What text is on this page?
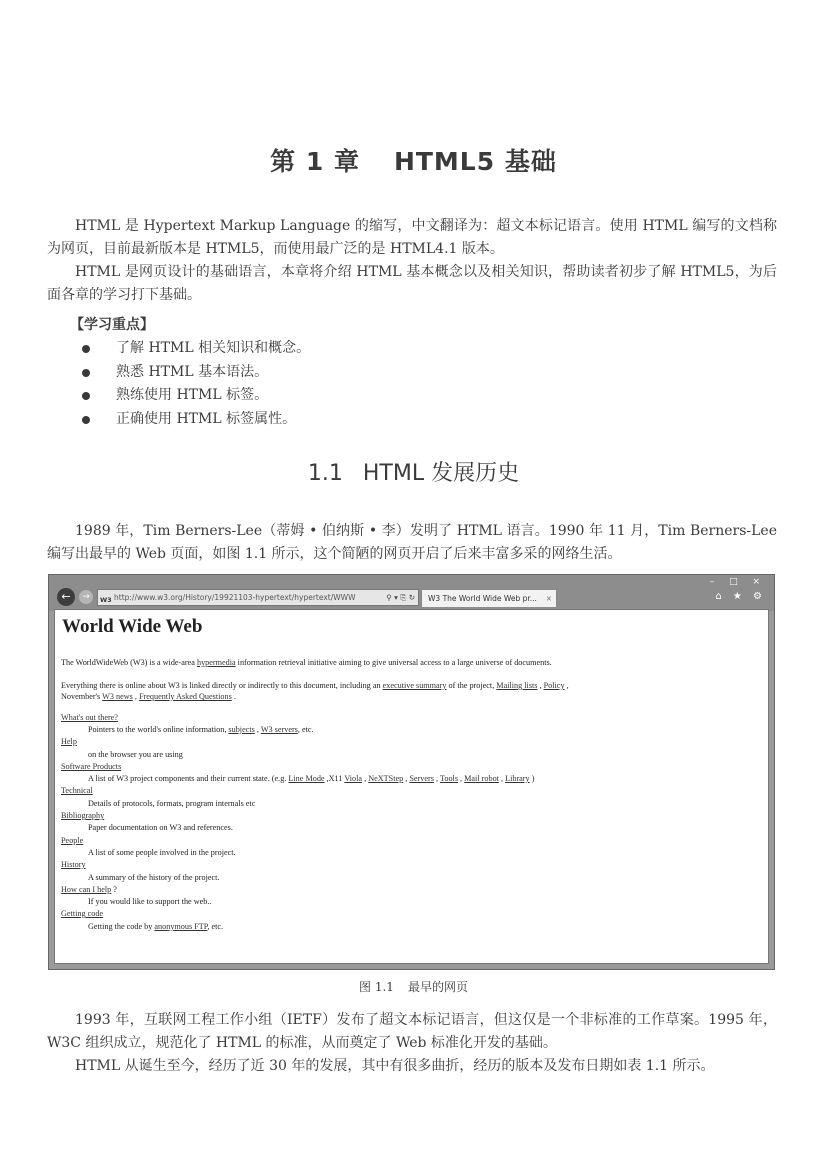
第 1 章 HTML5 基础

HTML 是 Hypertext Markup Language 的缩写，中文翻译为：超文本标记语言。使用 HTML 编写的文档称为网页，目前最新版本是 HTML5，而使用最广泛的是 HTML4.1 版本。

HTML 是网页设计的基础语言，本章将介绍 HTML 基本概念以及相关知识，帮助读者初步了解 HTML5，为后面各章的学习打下基础。

【学习重点】
了解 HTML 相关知识和概念。
熟悉 HTML 基本语法。
熟练使用 HTML 标签。
正确使用 HTML 标签属性。
1.1 HTML 发展历史

1989 年，Tim Berners-Lee（蒂姆 • 伯纳斯 • 李）发明了 HTML 语言。1990 年 11 月，Tim Berners-Lee 编写出最早的 Web 页面，如图 1.1 所示，这个简陋的网页开启了后来丰富多采的网络生活。

– □ ×
←	→	W3 http://www.w3.org/History/19921103-hypertext/hypertext/WWW	⚲ ▾ ⎘ ↻	W3 The World Wide Web pr... ×	⌂ ★ ⚙
World Wide Web
The WorldWideWeb (W3) is a wide-area hypermedia information retrieval initiative aiming to give universal access to a large universe of documents.
Everything there is online about W3 is linked directly or indirectly to this document, including an executive summary of the project, Mailing lists , Policy ,
November's W3 news , Frequently Asked Questions .
What's out there?
Pointers to the world's online information, subjects , W3 servers, etc.
Help
on the browser you are using
Software Products
A list of W3 project components and their current state. (e.g. Line Mode ,X11 Viola , NeXTStep , Servers , Tools , Mail robot , Library )
Technical
Details of protocols, formats, program internals etc
Bibliography
Paper documentation on W3 and references.
People
A list of some people involved in the project.
History
A summary of the history of the project.
How can I help ?
If you would like to support the web..
Getting code
Getting the code by anonymous FTP, etc.
图 1.1 最早的网页

1993 年，互联网工程工作小组（IETF）发布了超文本标记语言，但这仅是一个非标准的工作草案。1995 年，W3C 组织成立，规范化了 HTML 的标准，从而奠定了 Web 标准化开发的基础。

HTML 从诞生至今，经历了近 30 年的发展，其中有很多曲折，经历的版本及发布日期如表 1.1 所示。
